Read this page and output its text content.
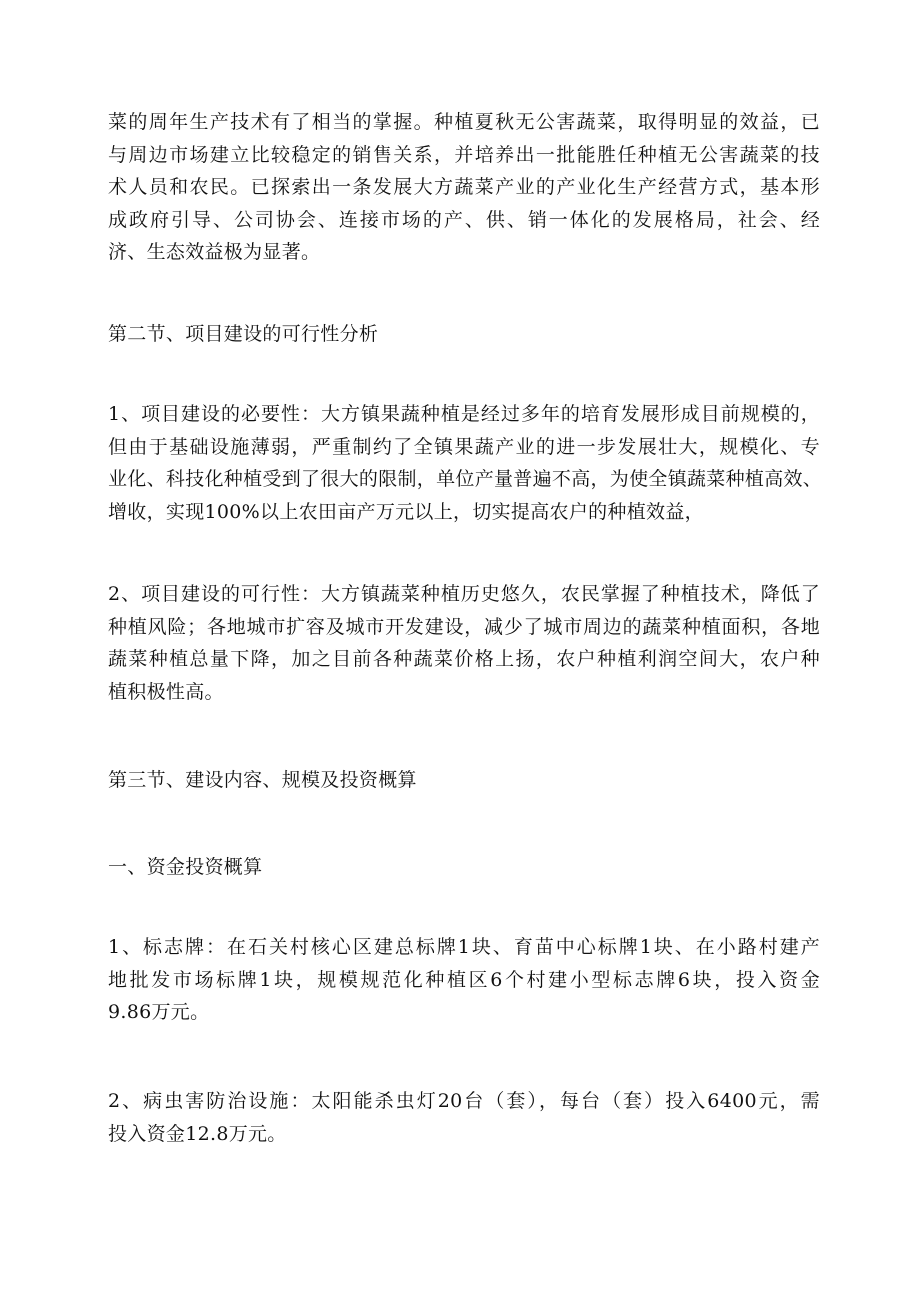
菜的周年生产技术有了相当的掌握。种植夏秋无公害蔬菜，取得明显的效益，已
与周边市场建立比较稳定的销售关系，并培养出一批能胜任种植无公害蔬菜的技
术人员和农民。已探索出一条发展大方蔬菜产业的产业化生产经营方式，基本形
成政府引导、公司协会、连接市场的产、供、销一体化的发展格局，社会、经
济、生态效益极为显著。
第二节、项目建设的可行性分析
1、项目建设的必要性：大方镇果蔬种植是经过多年的培育发展形成目前规模的，
但由于基础设施薄弱，严重制约了全镇果蔬产业的进一步发展壮大，规模化、专
业化、科技化种植受到了很大的限制，单位产量普遍不高，为使全镇蔬菜种植高效、
增收，实现100%以上农田亩产万元以上，切实提高农户的种植效益，
2、项目建设的可行性：大方镇蔬菜种植历史悠久，农民掌握了种植技术，降低了
种植风险；各地城市扩容及城市开发建设，减少了城市周边的蔬菜种植面积，各地
蔬菜种植总量下降，加之目前各种蔬菜价格上扬，农户种植利润空间大，农户种
植积极性高。
第三节、建设内容、规模及投资概算
一、资金投资概算
1、标志牌：在石关村核心区建总标牌1块、育苗中心标牌1块、在小路村建产
地批发市场标牌1块，规模规范化种植区6个村建小型标志牌6块，投入资金
9.86万元。
2、病虫害防治设施：太阳能杀虫灯20台（套），每台（套）投入6400元，需
投入资金12.8万元。
